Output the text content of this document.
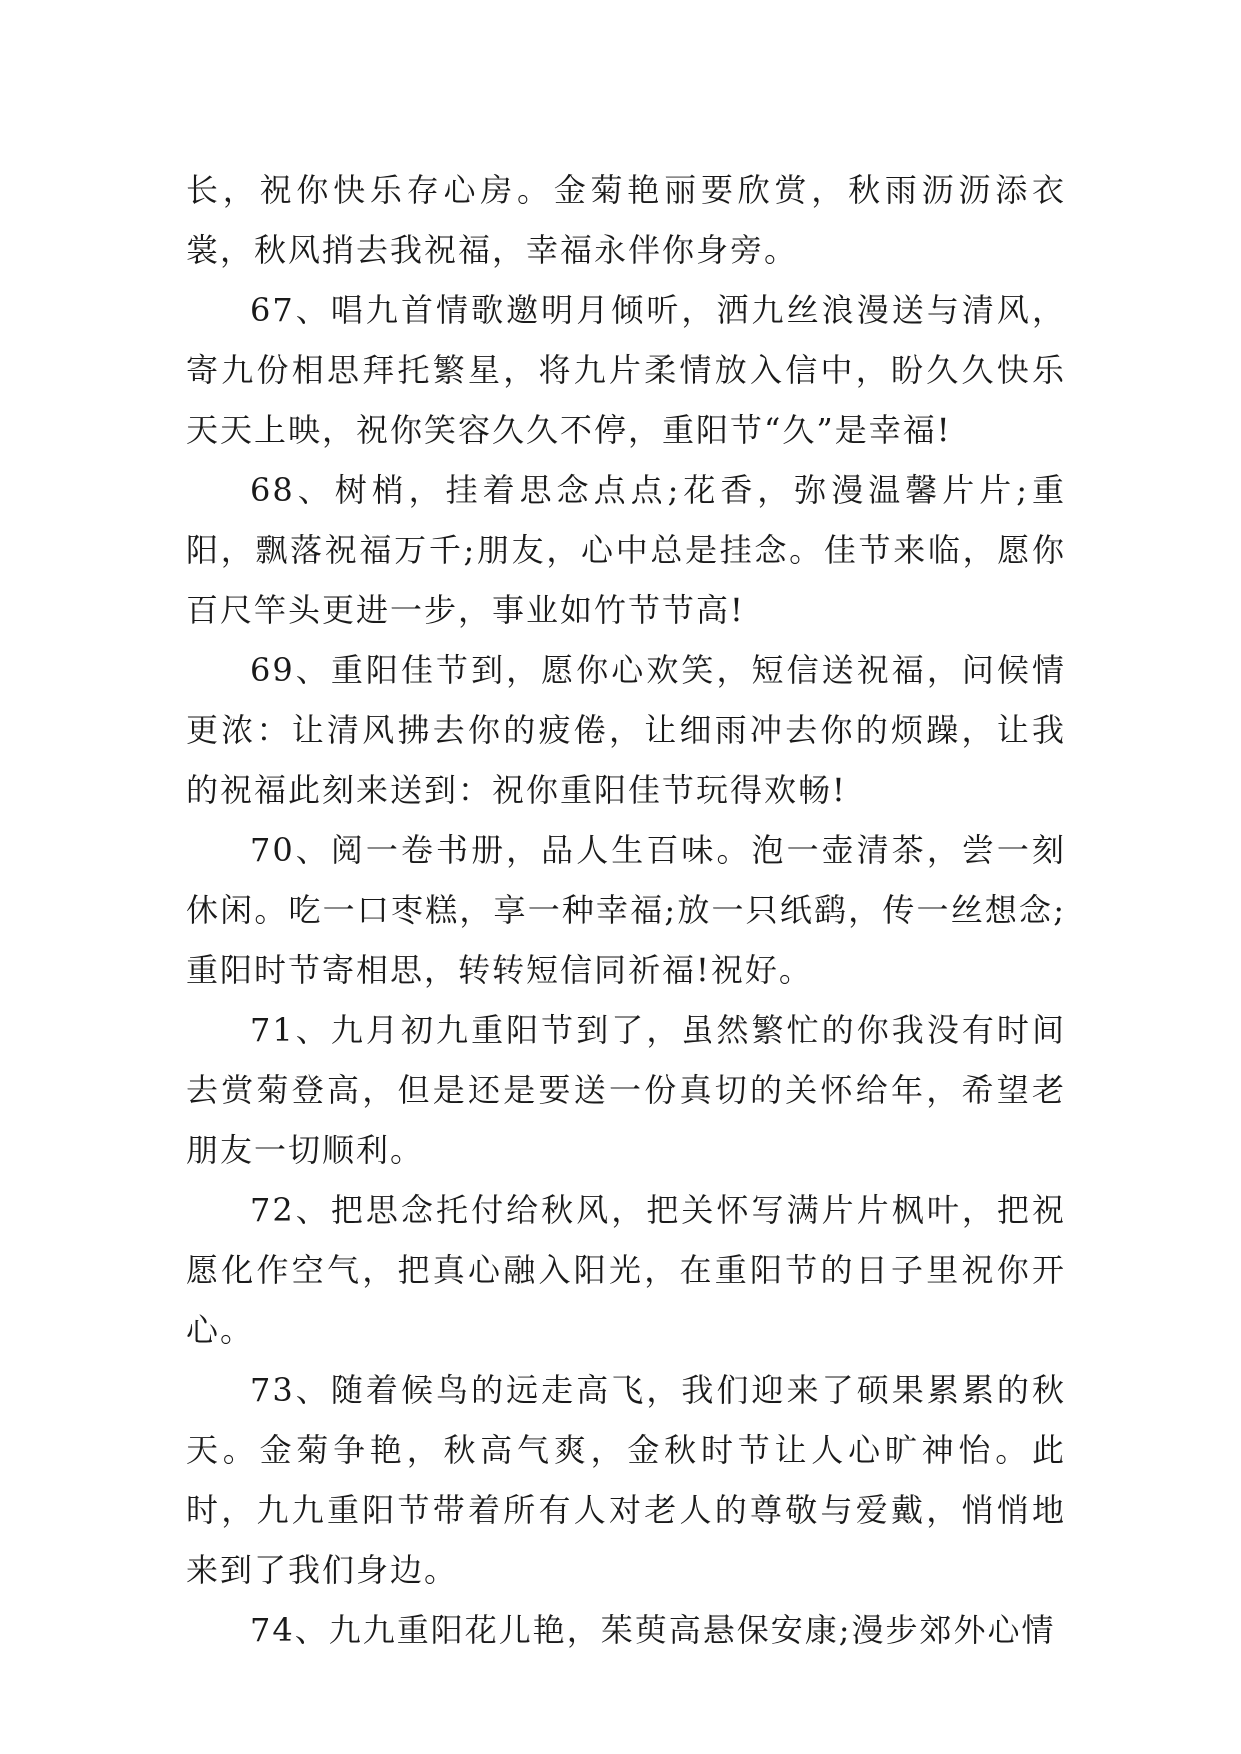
长，祝你快乐存心房。金菊艳丽要欣赏，秋雨沥沥添衣裳，秋风捎去我祝福，幸福永伴你身旁。

67、唱九首情歌邀明月倾听，洒九丝浪漫送与清风，寄九份相思拜托繁星，将九片柔情放入信中，盼久久快乐天天上映，祝你笑容久久不停，重阳节“久”是幸福!

68、树梢，挂着思念点点;花香，弥漫温馨片片;重阳，飘落祝福万千;朋友，心中总是挂念。佳节来临，愿你百尺竿头更进一步，事业如竹节节高!

69、重阳佳节到，愿你心欢笑，短信送祝福，问候情更浓：让清风拂去你的疲倦，让细雨冲去你的烦躁，让我的祝福此刻来送到：祝你重阳佳节玩得欢畅!

70、阅一卷书册，品人生百味。泡一壶清茶，尝一刻休闲。吃一口枣糕，享一种幸福;放一只纸鹞，传一丝想念;重阳时节寄相思，转转短信同祈福!祝好。

71、九月初九重阳节到了，虽然繁忙的你我没有时间去赏菊登高，但是还是要送一份真切的关怀给年，希望老朋友一切顺利。

72、把思念托付给秋风，把关怀写满片片枫叶，把祝愿化作空气，把真心融入阳光，在重阳节的日子里祝你开心。

73、随着候鸟的远走高飞，我们迎来了硕果累累的秋天。金菊争艳，秋高气爽，金秋时节让人心旷神怡。此时，九九重阳节带着所有人对老人的尊敬与爱戴，悄悄地来到了我们身边。

74、九九重阳花儿艳，茱萸高悬保安康;漫步郊外心情
